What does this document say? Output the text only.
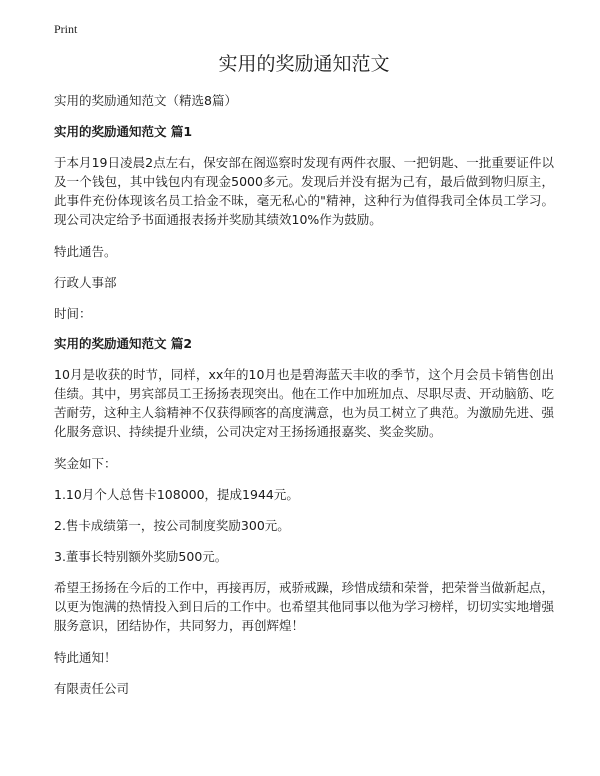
Print
实用的奖励通知范文

实用的奖励通知范文（精选8篇）

实用的奖励通知范文 篇1

于本月19日凌晨2点左右，保安部在阁巡察时发现有两件衣服、一把钥匙、一批重要证件以及一个钱包，其中钱包内有现金5000多元。发现后并没有据为己有，最后做到物归原主，此事件充份体现该名员工拾金不昧，毫无私心的"精神，这种行为值得我司全体员工学习。现公司决定给予书面通报表扬并奖励其绩效10%作为鼓励。

特此通告。

行政人事部

时间：

实用的奖励通知范文 篇2

10月是收获的时节，同样，xx年的10月也是碧海蓝天丰收的季节，这个月会员卡销售创出佳绩。其中，男宾部员工王扬扬表现突出。他在工作中加班加点、尽职尽责、开动脑筋、吃苦耐劳，这种主人翁精神不仅获得顾客的高度满意，也为员工树立了典范。为激励先进、强化服务意识、持续提升业绩，公司决定对王扬扬通报嘉奖、奖金奖励。

奖金如下：

1.10月个人总售卡108000，提成1944元。

2.售卡成绩第一，按公司制度奖励300元。

3.董事长特别额外奖励500元。

希望王扬扬在今后的工作中，再接再厉，戒骄戒躁，珍惜成绩和荣誉，把荣誉当做新起点，以更为饱满的热情投入到日后的工作中。也希望其他同事以他为学习榜样，切切实实地增强服务意识，团结协作，共同努力，再创辉煌！

特此通知！

有限责任公司
